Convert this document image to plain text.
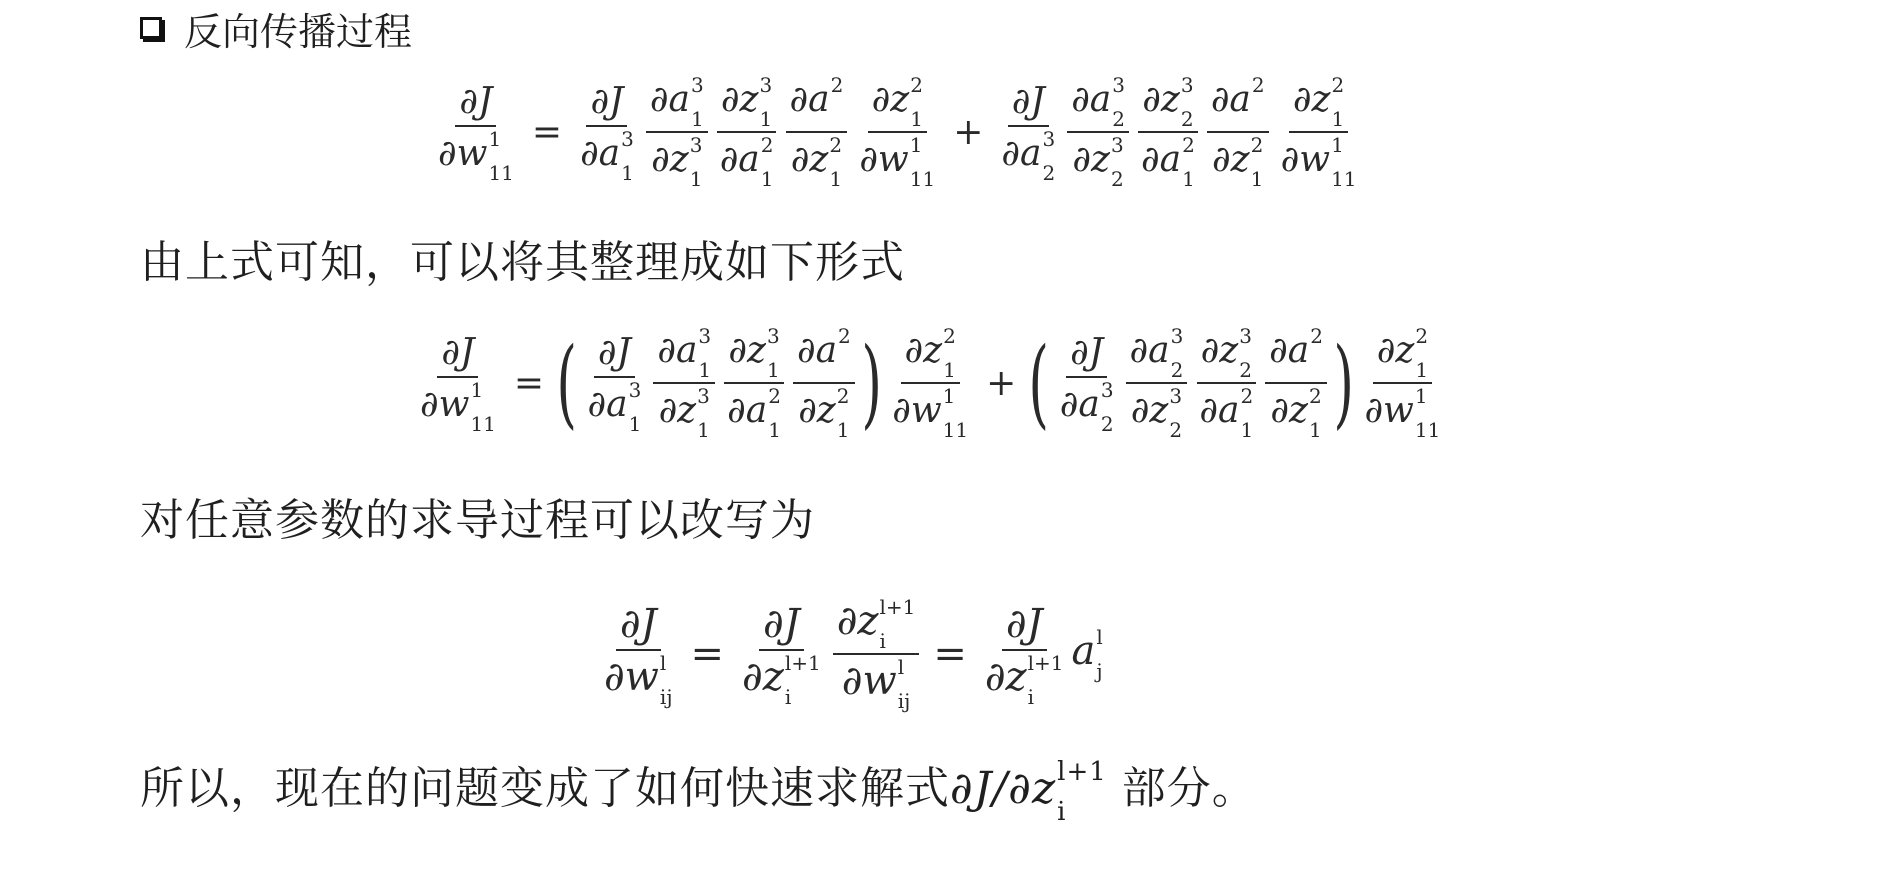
反向传播过程
∂J
∂w 1
11 = ∂J
∂a 3
1 ∂a 3
1
∂z 3
1 ∂z 3
1
∂a 2
1 ∂a 2

∂z 2
1 ∂z 2
1
∂w 1
11 + ∂J
∂a 3
2 ∂a 3
2
∂z 3
2 ∂z 3
2
∂a 2
1 ∂a 2

∂z 2
1 ∂z 2
1
∂w 1
11
由上式可知，可以将其整理成如下形式
∂J
∂w 1
11 = ( ∂J
∂a 3
1 ∂a 3
1
∂z 3
1 ∂z 3
1
∂a 2
1 ∂a 2

∂z 2
1 ) ∂z 2
1
∂w 1
11 + ( ∂J
∂a 3
2 ∂a 3
2
∂z 3
2 ∂z 3
2
∂a 2
1 ∂a 2

∂z 2
1 ) ∂z 2
1
∂w 1
11
对任意参数的求导过程可以改写为
∂J
∂w l
ij = ∂J
∂z l+1
i ∂z l+1
i
∂w l
ij = ∂J
∂z l+1
i a l
j
所以，现在的问题变成了如何快速求解式∂J/∂z l+1
i 部分。
